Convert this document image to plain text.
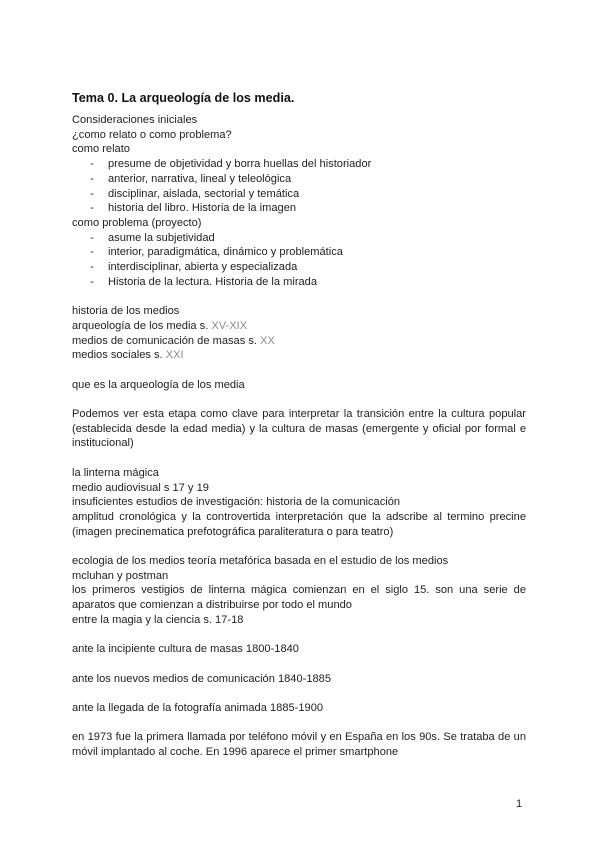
Tema 0. La arqueología de los media.

Consideraciones iniciales

¿como relato o como problema?

como relato

- presume de objetividad y borra huellas del historiador
- anterior, narrativa, lineal y teleológica
- disciplinar, aislada, sectorial y temática
- historia del libro. Historia de la imagen

como problema (proyecto)

- asume la subjetividad
- interior, paradigmática, dinámico y problemática
- interdisciplinar, abierta y especializada
- Historia de la lectura. Historia de la mirada

historia de los medios

arqueología de los media s. XV-XIX

medios de comunicación de masas s. XX

medios sociales s. XXI

que es la arqueología de los media

Podemos ver esta etapa como clave para interpretar la transición entre la cultura popular (establecida desde la edad media) y la cultura de masas (emergente y oficial por formal e institucional)

la linterna mágica

medio audiovisual s 17 y 19

insuficientes estudios de investigación: historia de la comunicación

amplitud cronológica y la controvertida interpretación que la adscribe al termino precine (imagen precinematica prefotográfica paraliteratura o para teatro)

ecologia de los medios teoría metafórica basada en el estudio de los medios

mcluhan y postman

los primeros vestigios de linterna mágica comienzan en el siglo 15. son una serie de aparatos que comienzan a distribuirse por todo el mundo

entre la magia y la ciencia s. 17-18

ante la incipiente cultura de masas 1800-1840

ante los nuevos medios de comunicación 1840-1885

ante la llegada de la fotografía animada 1885-1900

en 1973 fue la primera llamada por teléfono móvil y en España en los 90s. Se trataba de un móvil implantado al coche. En 1996 aparece el primer smartphone

1
